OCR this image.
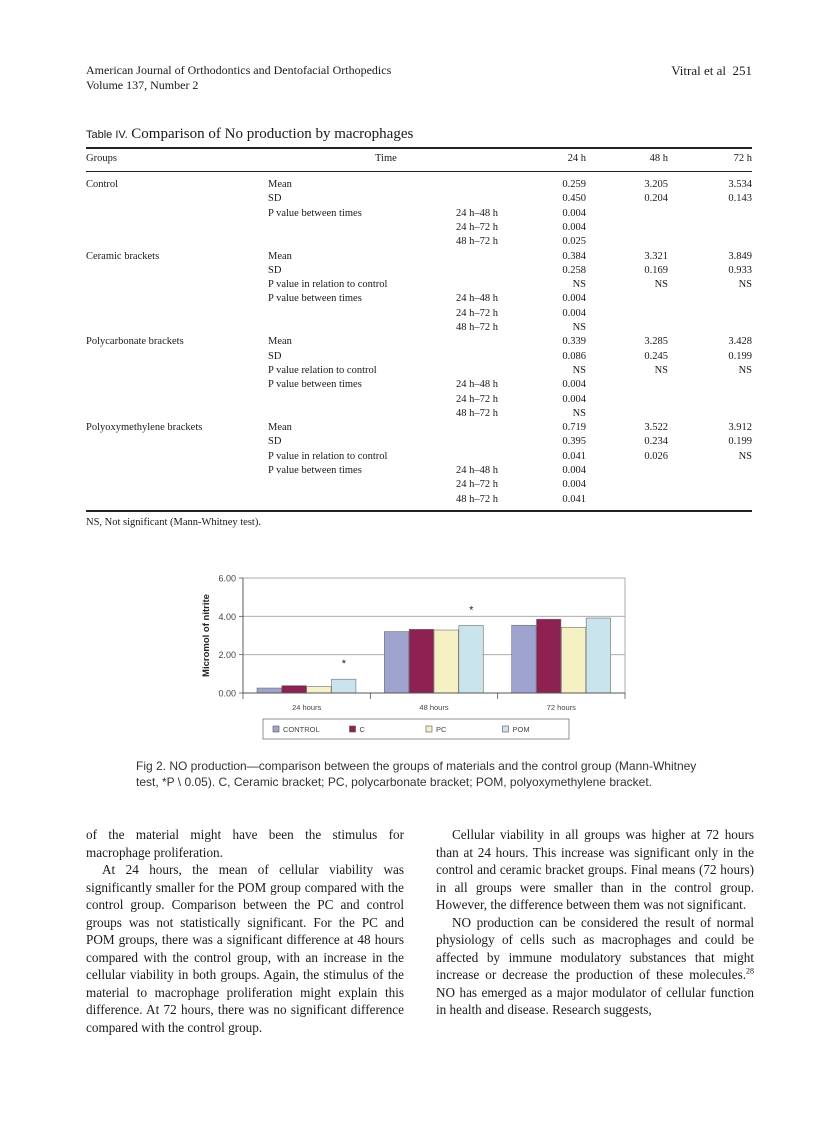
American Journal of Orthodontics and Dentofacial Orthopedics
Volume 137, Number 2
Vitral et al 251
Table IV. Comparison of No production by macrophages
Groups	Time	24 h	48 h	72 h
Control	Mean	0.259	3.205	3.534
SD	0.450	0.204	0.143
P value between times	24 h–48 h	0.004
24 h–72 h	0.004
48 h–72 h	0.025
Ceramic brackets	Mean	0.384	3.321	3.849
SD	0.258	0.169	0.933
P value in relation to control	NS	NS	NS
P value between times	24 h–48 h	0.004
24 h–72 h	0.004
48 h–72 h	NS
Polycarbonate brackets	Mean	0.339	3.285	3.428
SD	0.086	0.245	0.199
P value relation to control	NS	NS	NS
P value between times	24 h–48 h	0.004
24 h–72 h	0.004
48 h–72 h	NS
Polyoxymethylene brackets	Mean	0.719	3.522	3.912
SD	0.395	0.234	0.199
P value in relation to control	0.041	0.026	NS
P value between times	24 h–48 h	0.004
24 h–72 h	0.004
48 h–72 h	0.041
NS, Not significant (Mann-Whitney test).
0.00
2.00
4.00
6.00
24 hours	48 hours	72 hours
*
*
Micromol of nitrite
CONTROL	C	PC	POM
Fig 2. NO production—comparison between the groups of materials and the control group (Mann-Whitney test, *P \ 0.05). C, Ceramic bracket; PC, polycarbonate bracket; POM, polyoxymethylene bracket.

of the material might have been the stimulus for macrophage proliferation.

At 24 hours, the mean of cellular viability was significantly smaller for the POM group compared with the control group. Comparison between the PC and control groups was not statistically significant. For the PC and POM groups, there was a significant difference at 48 hours compared with the control group, with an increase in the cellular viability in both groups. Again, the stimulus of the material to macrophage proliferation might explain this difference. At 72 hours, there was no significant difference compared with the control group.

Cellular viability in all groups was higher at 72 hours than at 24 hours. This increase was significant only in the control and ceramic bracket groups. Final means (72 hours) in all groups were smaller than in the control group. However, the difference between them was not significant.

NO production can be considered the result of normal physiology of cells such as macrophages and could be affected by immune modulatory substances that might increase or decrease the production of these molecules.$^{28}$ NO has emerged as a major modulator of cellular function in health and disease. Research suggests,
